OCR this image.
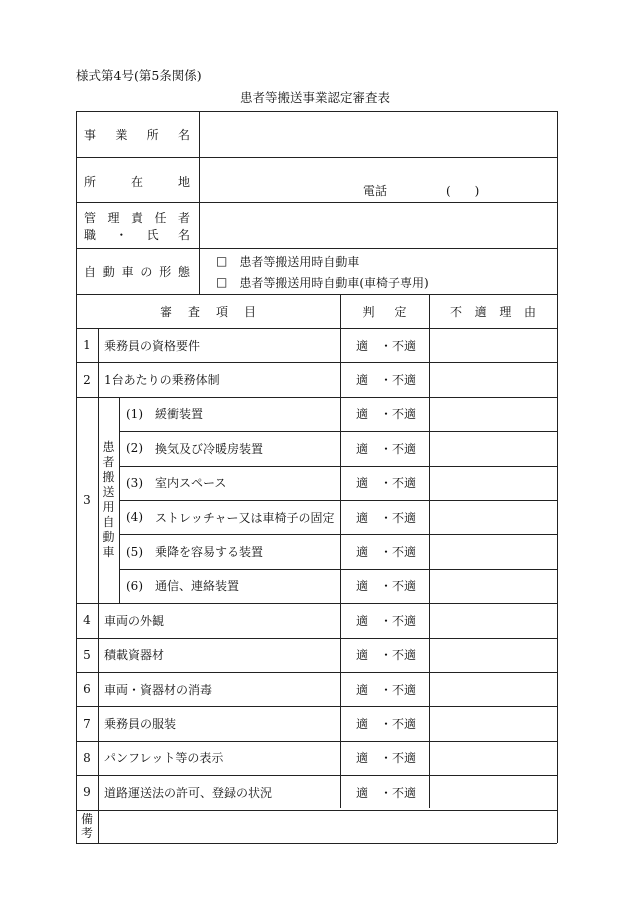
様式第4号(第5条関係)
患者等搬送事業認定審査表
事 業 所 名
所	在	地
電話	(　　)
管 理 責 任 者
職 ・ 氏 名
自 動 車 の 形 態
□ 患者等搬送用時自動車
□ 患者等搬送用時自動車(車椅子専用)
審 査 項 目	判 定	不 適 理 由
1	乗務員の資格要件	適 ・不適
2	1台あたりの乗務体制	適 ・不適
3
患
者
搬
送
用
自
動
車
(1) 緩衝装置	適 ・不適
(2) 換気及び冷暖房装置	適 ・不適
(3) 室内スペース	適 ・不適
(4) ストレッチャー又は車椅子の固定 適 ・不適
(5) 乗降を容易する装置	適 ・不適
(6) 通信、連絡装置	適 ・不適
4	車両の外観	適 ・不適
5	積載資器材	適 ・不適
6	車両・資器材の消毒	適 ・不適
7	乗務員の服装	適 ・不適
8	パンフレット等の表示	適 ・不適
9	道路運送法の許可、登録の状況	適 ・不適
備
考
